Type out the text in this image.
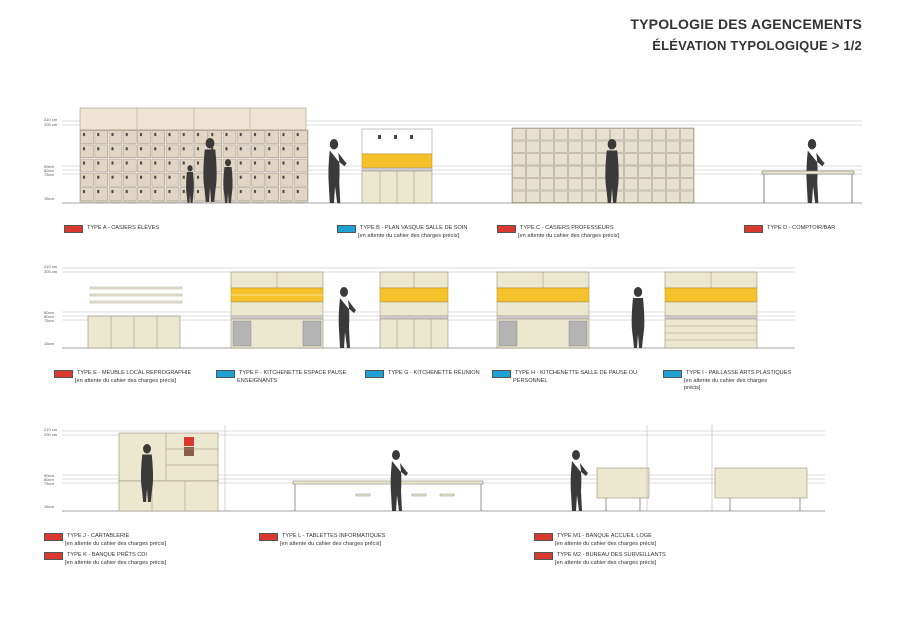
TYPOLOGIE DES AGENCEMENTS
ÉLÉVATION TYPOLOGIQUE > 1/2
210 cm
200 cm
90cm
80cm
75cm
15cm
210 cm
200 cm
90cm
80cm
75cm
15cm
210 cm
200 cm
90cm
80cm
75cm
15cm
TYPE A - CASIERS ÉLÈVES	TYPE B - PLAN VASQUE SALLE DE SOIN
[en attente du cahier des charges précis]
TYPE C - CASIERS PROFESSEURS
[en attente du cahier des charges précis]
TYPE D - COMPTOIR/BAR
TYPE E - MEUBLE LOCAL REPROGRAPHIE
[en attente du cahier des charges précis]
TYPE F - KITCHENETTE ESPACE PAUSE
ENSEIGNANTS
TYPE G - KITCHENETTE RÉUNION	TYPE H - KITCHENETTE SALLE DE PAUSE DU
PERSONNEL
TYPE I - PAILLASSE ARTS PLASTIQUES
[en attente du cahier des charges
précis]
TYPE J - CARTABLERIE
[en attente du cahier des charges précis]
TYPE K - BANQUE PRÊTS CDI
[en attente du cahier des charges précis]
TYPE L - TABLETTES INFORMATIQUES
[en attente du cahier des charges précis]
TYPE M1 - BANQUE ACCUEIL LOGE
[en attente du cahier des charges précis]
TYPE M2 - BUREAU DES SURVEILLANTS
[en attente du cahier des charges précis]
